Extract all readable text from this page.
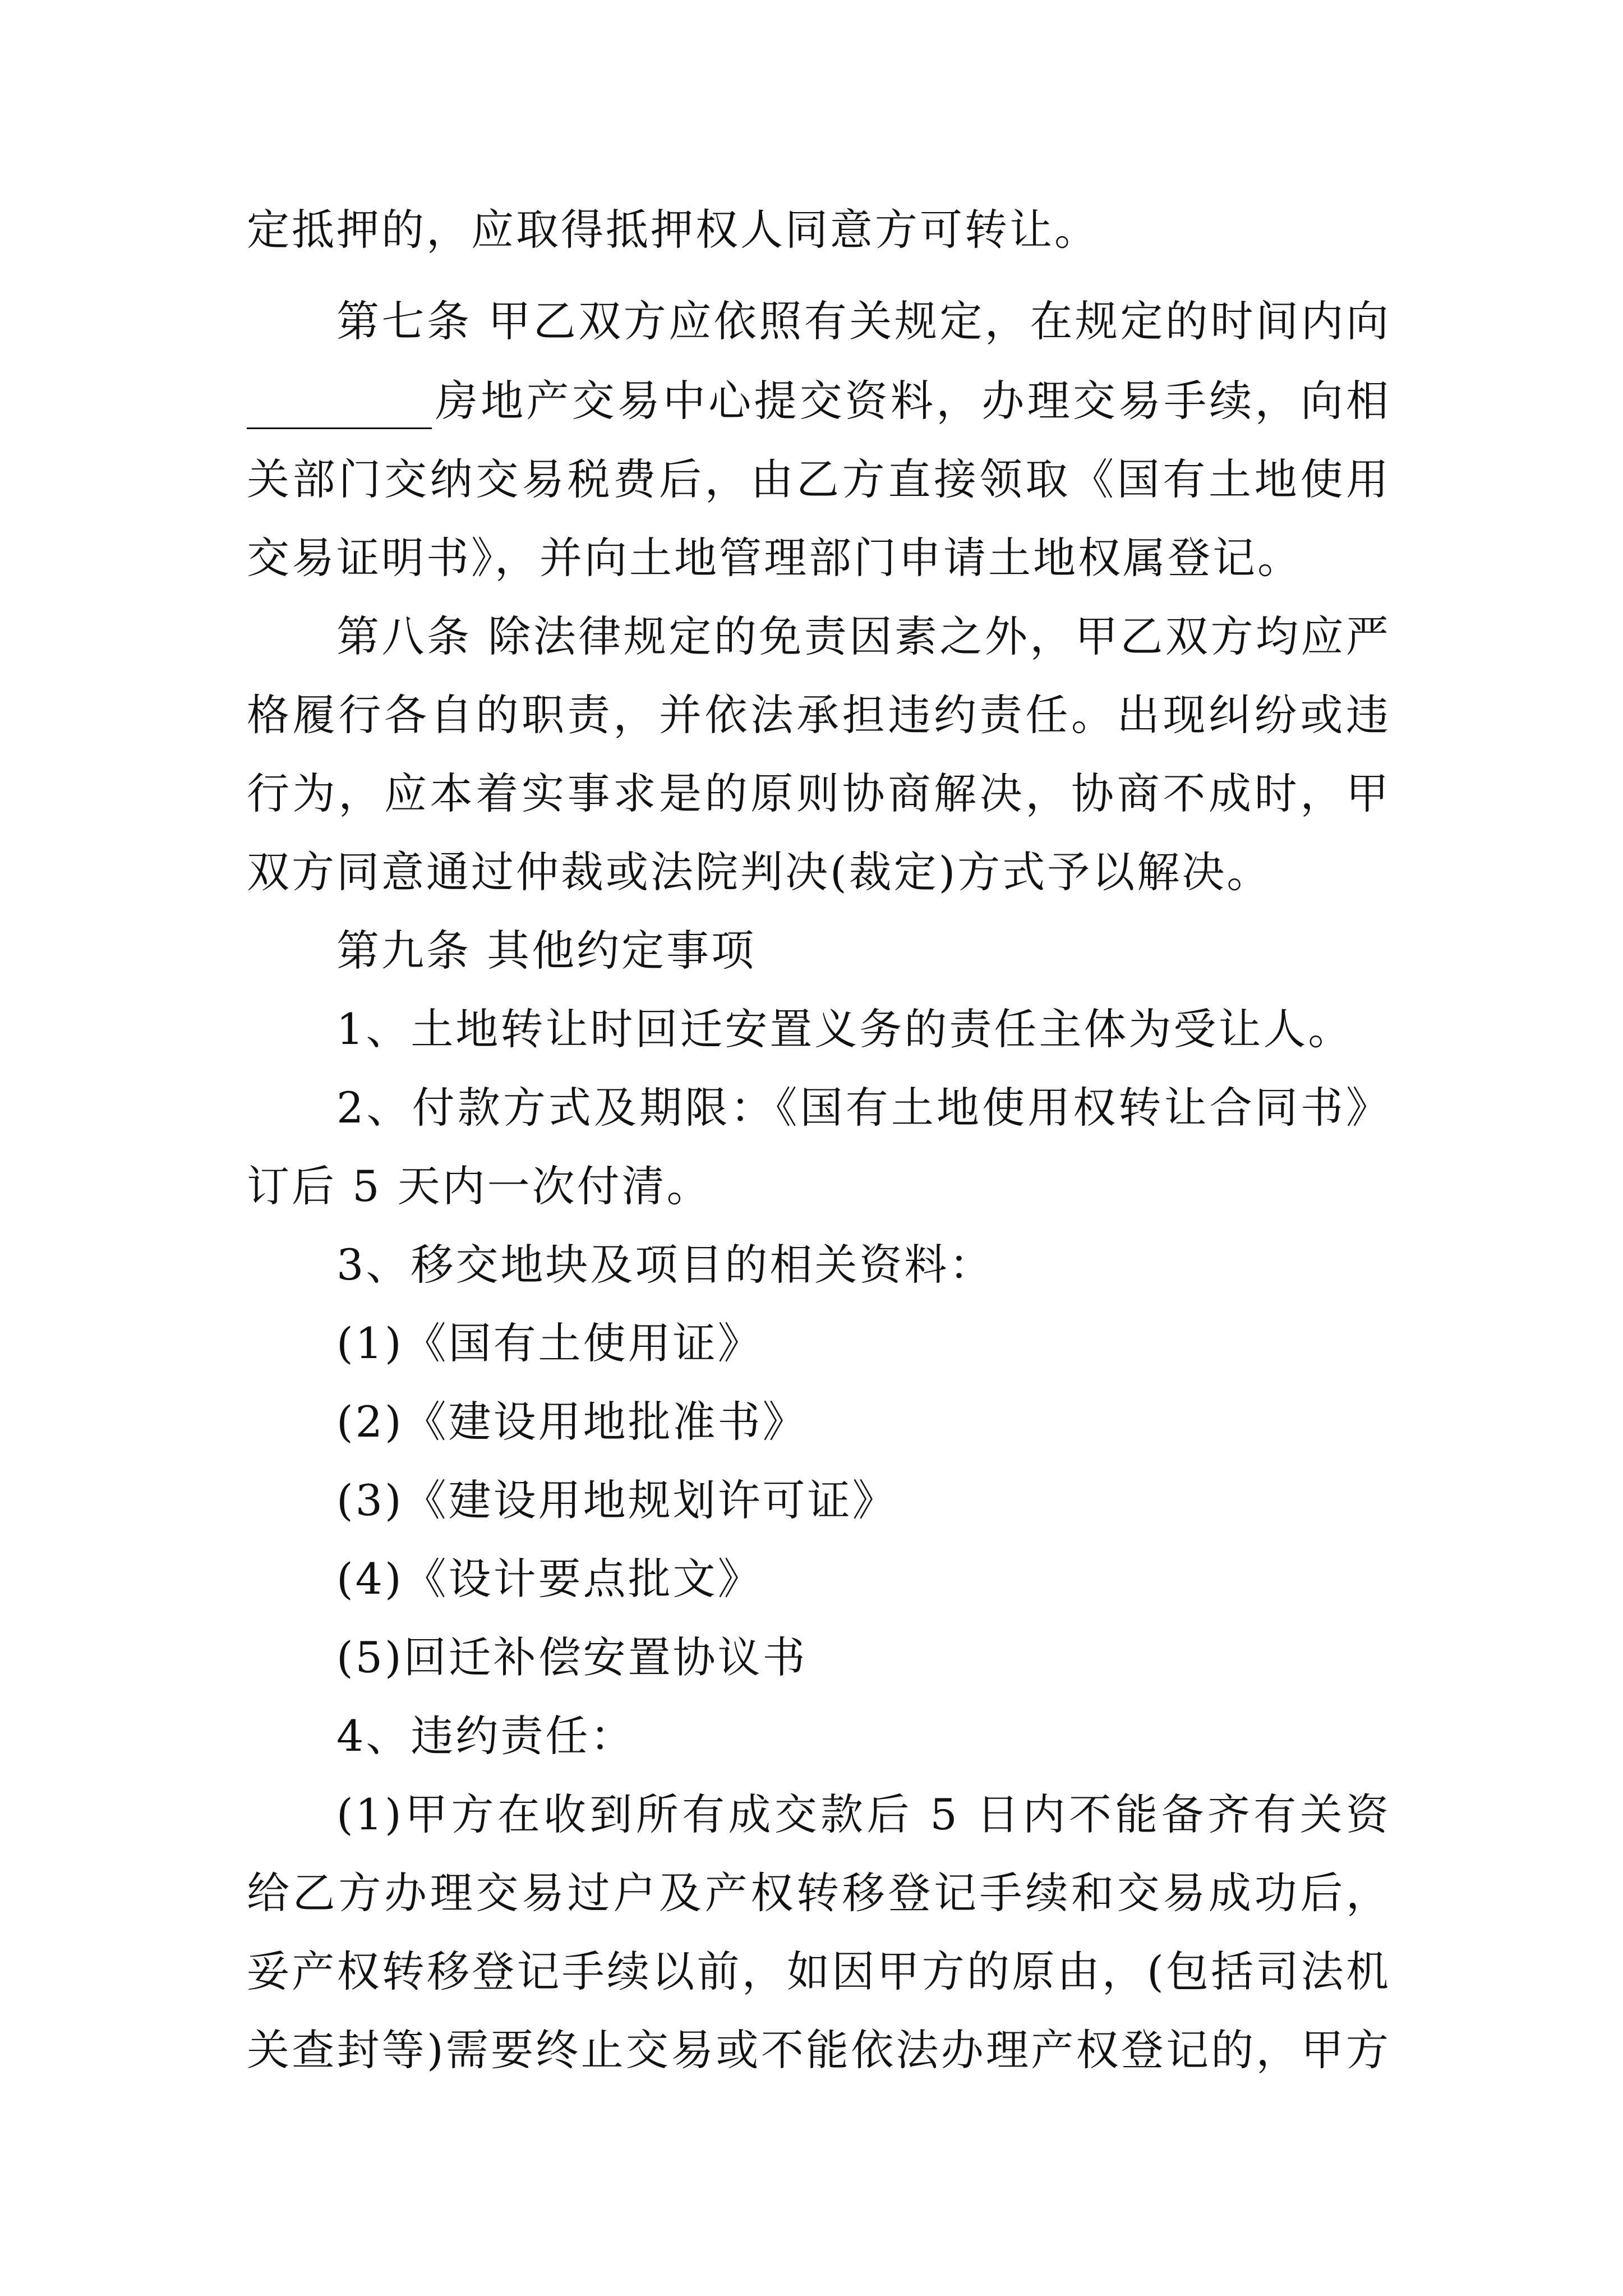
定抵押的，应取得抵押权人同意方可转让。
第七条 甲乙双方应依照有关规定，在规定的时间内向
房地产交易中心提交资料，办理交易手续，向相
关部门交纳交易税费后，由乙方直接领取《国有土地使用
交易证明书》，并向土地管理部门申请土地权属登记。
第八条 除法律规定的免责因素之外，甲乙双方均应严
格履行各自的职责，并依法承担违约责任。出现纠纷或违
行为，应本着实事求是的原则协商解决，协商不成时，甲
双方同意通过仲裁或法院判决(裁定)方式予以解决。
第九条 其他约定事项
1、土地转让时回迁安置义务的责任主体为受让人。
2、付款方式及期限：《国有土地使用权转让合同书》
订后 5 天内一次付清。
3、移交地块及项目的相关资料：
(1)《国有土使用证》
(2)《建设用地批准书》
(3)《建设用地规划许可证》
(4)《设计要点批文》
(5)回迁补偿安置协议书
4、违约责任：
(1)甲方在收到所有成交款后 5 日内不能备齐有关资
给乙方办理交易过户及产权转移登记手续和交易成功后，
妥产权转移登记手续以前，如因甲方的原由，(包括司法机
关查封等)需要终止交易或不能依法办理产权登记的，甲方
